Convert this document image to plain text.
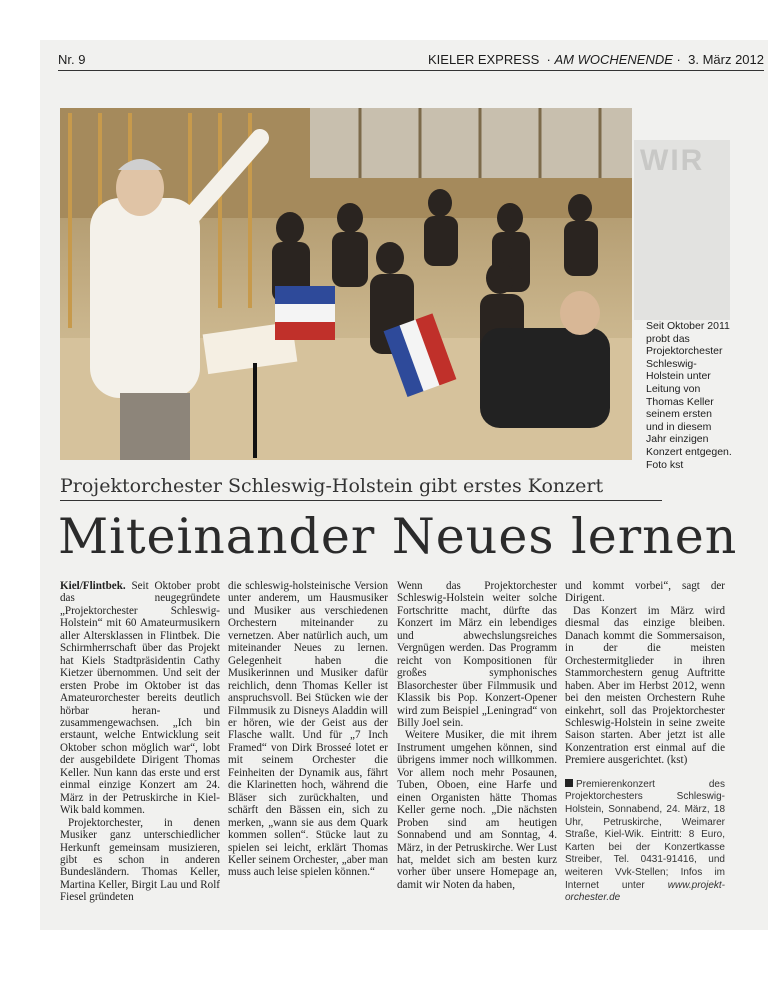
Nr. 9	KIELER EXPRESS · AM WOCHENENDE · 3. März 2012
WIR
Seit Oktober 2011 probt das Projektorchester Schleswig-Holstein unter Leitung von Thomas Keller seinem ersten und in diesem Jahr einzigen Konzert entgegen. Foto kst
Projektorchester Schleswig-Holstein gibt erstes Konzert
Miteinander Neues lernen

Kiel/Flintbek. Seit Oktober probt das neugegründete „Projektorchester Schleswig-Holstein“ mit 60 Amateurmusikern aller Altersklassen in Flintbek. Die Schirmherrschaft über das Projekt hat Kiels Stadtpräsidentin Cathy Kietzer übernommen. Und seit der ersten Probe im Oktober ist das Amateurorchester bereits deutlich hörbar heran- und zusammengewachsen. „Ich bin erstaunt, welche Entwicklung seit Oktober schon möglich war“, lobt der ausgebildete Dirigent Thomas Keller. Nun kann das erste und erst einmal einzige Konzert am 24. März in der Petruskirche in Kiel-Wik bald kommen.

Projektorchester, in denen Musiker ganz unterschiedlicher Herkunft gemeinsam musizieren, gibt es schon in anderen Bundesländern. Thomas Keller, Martina Keller, Birgit Lau und Rolf Fiesel gründeten

die schleswig-holsteinische Version unter anderem, um Hausmusiker und Musiker aus verschiedenen Orchestern miteinander zu vernetzen. Aber natürlich auch, um miteinander Neues zu lernen. Gelegenheit haben die Musikerinnen und Musiker dafür reichlich, denn Thomas Keller ist anspruchsvoll. Bei Stücken wie der Filmmusik zu Disneys Aladdin will er hören, wie der Geist aus der Flasche wallt. Und für „7 Inch Framed“ von Dirk Brosseé lotet er mit seinem Orchester die Feinheiten der Dynamik aus, fährt die Klarinetten hoch, während die Bläser sich zurückhalten, und schärft den Bässen ein, sich zu merken, „wann sie aus dem Quark kommen sollen“. Stücke laut zu spielen sei leicht, erklärt Thomas Keller seinem Orchester, „aber man muss auch leise spielen können.“

Wenn das Projektorchester Schleswig-Holstein weiter solche Fortschritte macht, dürfte das Konzert im März ein lebendiges und abwechslungsreiches Vergnügen werden. Das Programm reicht von Kompositionen für großes symphonisches Blasorchester über Filmmusik und Klassik bis Pop. Konzert-Opener wird zum Beispiel „Leningrad“ von Billy Joel sein.

Weitere Musiker, die mit ihrem Instrument umgehen können, sind übrigens immer noch willkommen. Vor allem noch mehr Posaunen, Tuben, Oboen, eine Harfe und einen Organisten hätte Thomas Keller gerne noch. „Die nächsten Proben sind am heutigen Sonnabend und am Sonntag, 4. März, in der Petruskirche. Wer Lust hat, meldet sich am besten kurz vorher über unsere Homepage an, damit wir Noten da haben,

und kommt vorbei“, sagt der Dirigent.

Das Konzert im März wird diesmal das einzige bleiben. Danach kommt die Sommersaison, in der die meisten Orchestermitglieder in ihren Stammorchestern genug Auftritte haben. Aber im Herbst 2012, wenn bei den meisten Orchestern Ruhe einkehrt, soll das Projektorchester Schleswig-Holstein in seine zweite Saison starten. Aber jetzt ist alle Konzentration erst einmal auf die Premiere ausgerichtet. (kst)

Premierenkonzert des Projektorchesters Schleswig-Holstein, Sonnabend, 24. März, 18 Uhr, Petruskirche, Weimarer Straße, Kiel-Wik. Eintritt: 8 Euro, Karten bei der Konzertkasse Streiber, Tel. 0431-91416, und weiteren Vvk-Stellen; Infos im Internet unter www.projekt-orchester.de
